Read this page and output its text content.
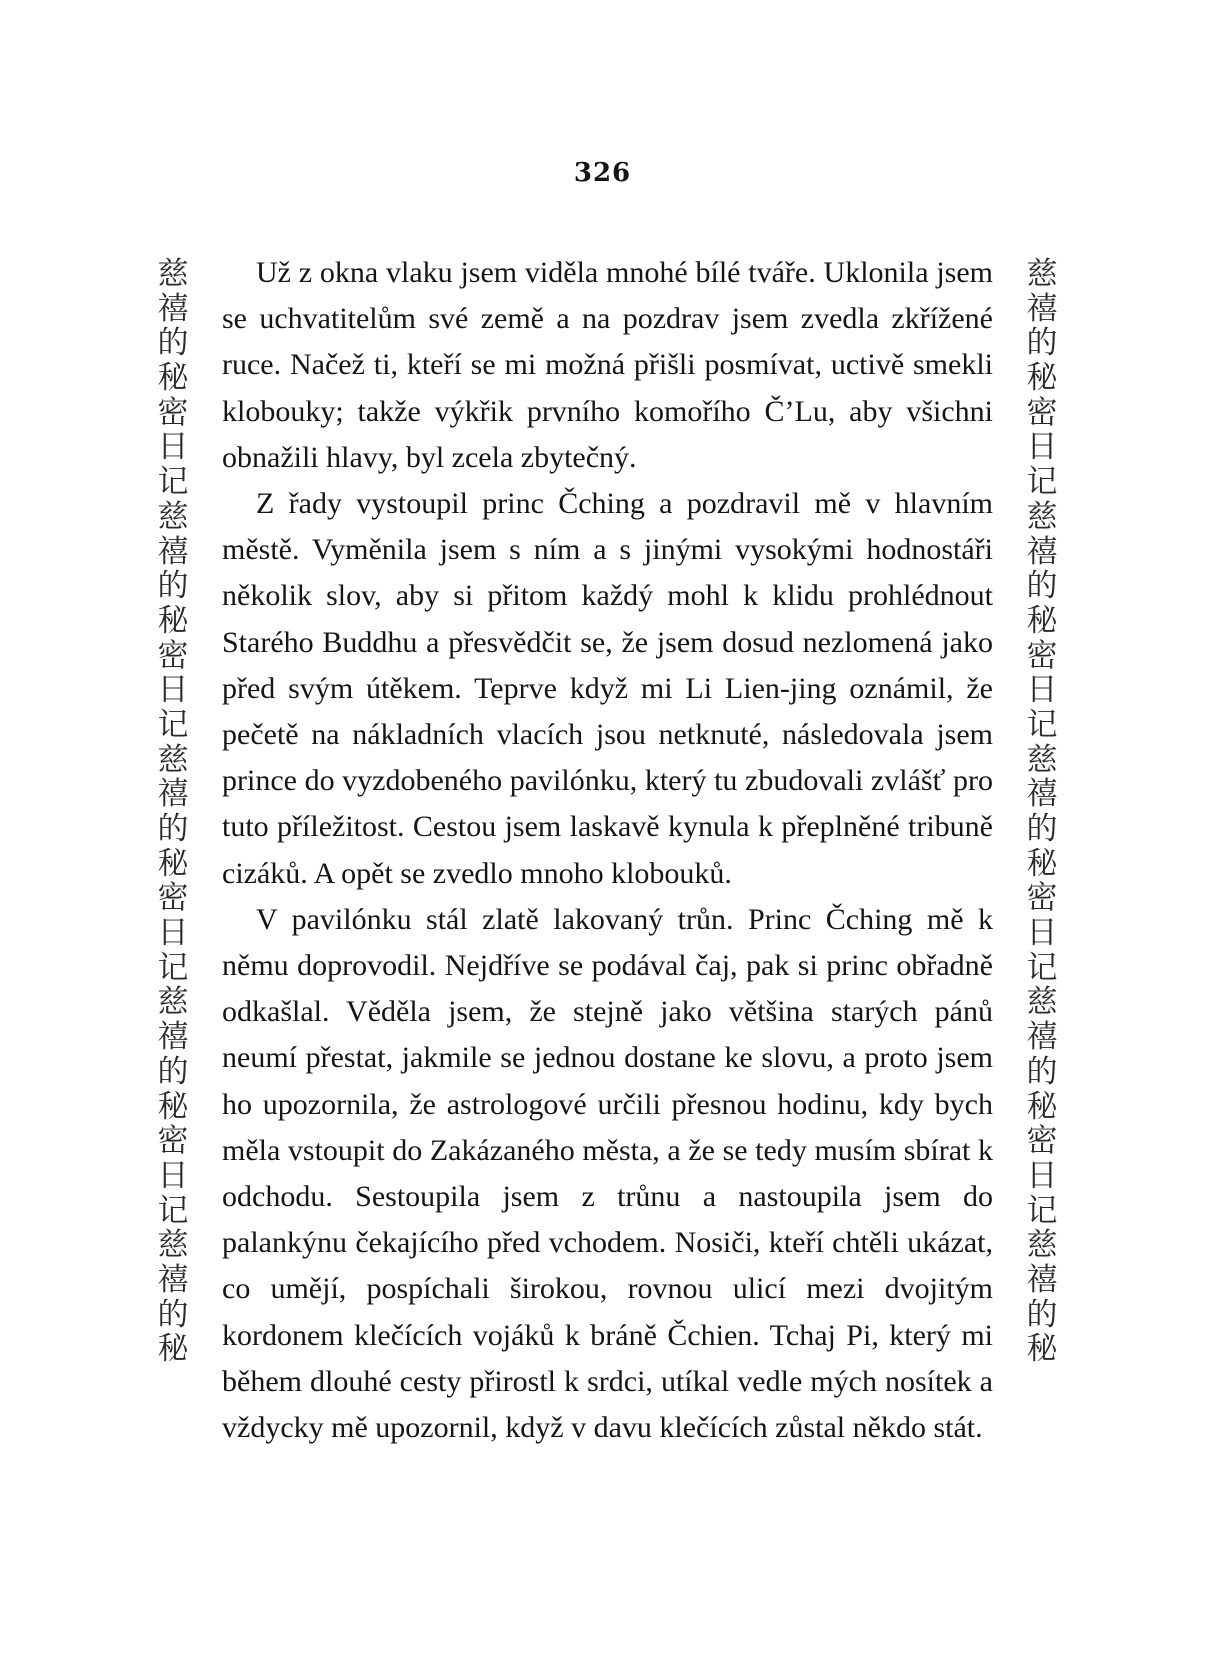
326
慈
禧
的
秘
密
日
记
慈
禧
的
秘
密
日
记
慈
禧
的
秘
密
日
记
慈
禧
的
秘
密
日
记
慈
禧
的
秘
慈
禧
的
秘
密
日
记
慈
禧
的
秘
密
日
记
慈
禧
的
秘
密
日
记
慈
禧
的
秘
密
日
记
慈
禧
的
秘

Už z okna vlaku jsem viděla mnohé bílé tváře. Uklonila jsem se uchvatitelům své země a na pozdrav jsem zvedla zkřížené ruce. Načež ti, kteří se mi možná přišli posmívat, uctivě smekli klobouky; takže výkřik prvního komořího Č’Lu, aby všichni obnažili hlavy, byl zcela zbytečný.

Z řady vystoupil princ Čching a pozdravil mě v hlavním městě. Vyměnila jsem s ním a s jinými vysokými hodnostáři několik slov, aby si přitom každý mohl k klidu prohlédnout Starého Buddhu a přesvědčit se, že jsem dosud nezlomená jako před svým útěkem. Teprve když mi Li Lien-jing oznámil, že pečetě na nákladních vlacích jsou netknuté, následovala jsem prince do vyzdobeného pavilónku, který tu zbudovali zvlášť pro tuto příležitost. Cestou jsem laskavě kynula k přeplněné tribuně cizáků. A opět se zvedlo mnoho klobouků.

V pavilónku stál zlatě lakovaný trůn. Princ Čching mě k němu doprovodil. Nejdříve se podával čaj, pak si princ obřadně odkašlal. Věděla jsem, že stejně jako většina starých pánů neumí přestat, jakmile se jednou dostane ke slovu, a proto jsem ho upozornila, že astrologové určili přesnou hodinu, kdy bych měla vstoupit do Zakázaného města, a že se tedy musím sbírat k odchodu. Sestoupila jsem z trůnu a nastoupila jsem do palankýnu čekajícího před vchodem. Nosiči, kteří chtěli ukázat, co umějí, pospíchali širokou, rovnou ulicí mezi dvojitým kordonem klečících vojáků k bráně Čchien. Tchaj Pi, který mi během dlouhé cesty přirostl k srdci, utíkal vedle mých nosítek a vždycky mě upozornil, když v davu klečících zůstal někdo stát.
